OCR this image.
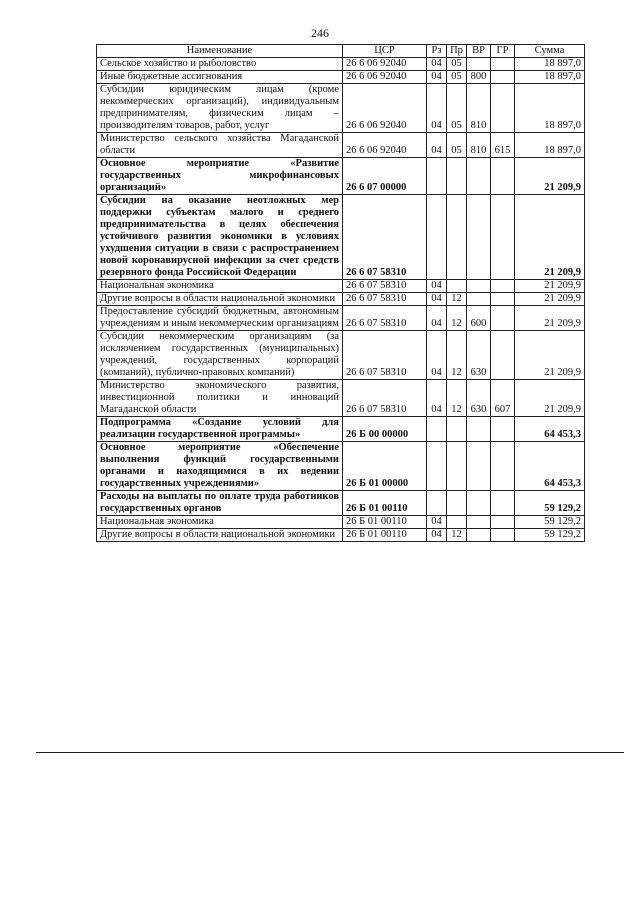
246
Наименование	ЦСР	Рз	Пр	ВР	ГР	Сумма
Сельское хозяйство и рыболовство	26 6 06 92040	04	05			18 897,0
Иные бюджетные ассигнования	26 6 06 92040	04	05	800		18 897,0
Субсидии юридическим лицам (кроме некоммерческих организаций), индивидуальным предпринимателям, физическим лицам – производителям товаров, работ, услуг	26 6 06 92040	04	05	810		18 897,0
Министерство сельского хозяйства Магаданской области	26 6 06 92040	04	05	810	615	18 897,0
Основное мероприятие «Развитие государственных микрофинансовых организаций»	26 6 07 00000					21 209,9
Субсидии на оказание неотложных мер поддержки субъектам малого и среднего предпринимательства в целях обеспечения устойчивого развития экономики в условиях ухудшения ситуации в связи с распространением новой коронавирусной инфекции за счет средств резервного фонда Российской Федерации	26 6 07 58310					21 209,9
Национальная экономика	26 6 07 58310	04				21 209,9
Другие вопросы в области национальной экономики	26 6 07 58310	04	12			21 209,9
Предоставление субсидий бюджетным, автономным учреждениям и иным некоммерческим организациям	26 6 07 58310	04	12	600		21 209,9
Субсидии некоммерческим организациям (за исключением государственных (муниципальных) учреждений, государственных корпораций (компаний), публично-правовых компаний)	26 6 07 58310	04	12	630		21 209,9
Министерство экономического развития, инвестиционной политики и инноваций Магаданской области	26 6 07 58310	04	12	630	607	21 209,9
Подпрограмма «Создание условий для реализации государственной программы»	26 Б 00 00000					64 453,3
Основное мероприятие «Обеспечение выполнения функций государственными органами и находящимися в их ведении государственных учреждениями»	26 Б 01 00000					64 453,3
Расходы на выплаты по оплате труда работников государственных органов	26 Б 01 00110					59 129,2
Национальная экономика	26 Б 01 00110	04				59 129,2
Другие вопросы в области национальной экономики	26 Б 01 00110	04	12			59 129,2
